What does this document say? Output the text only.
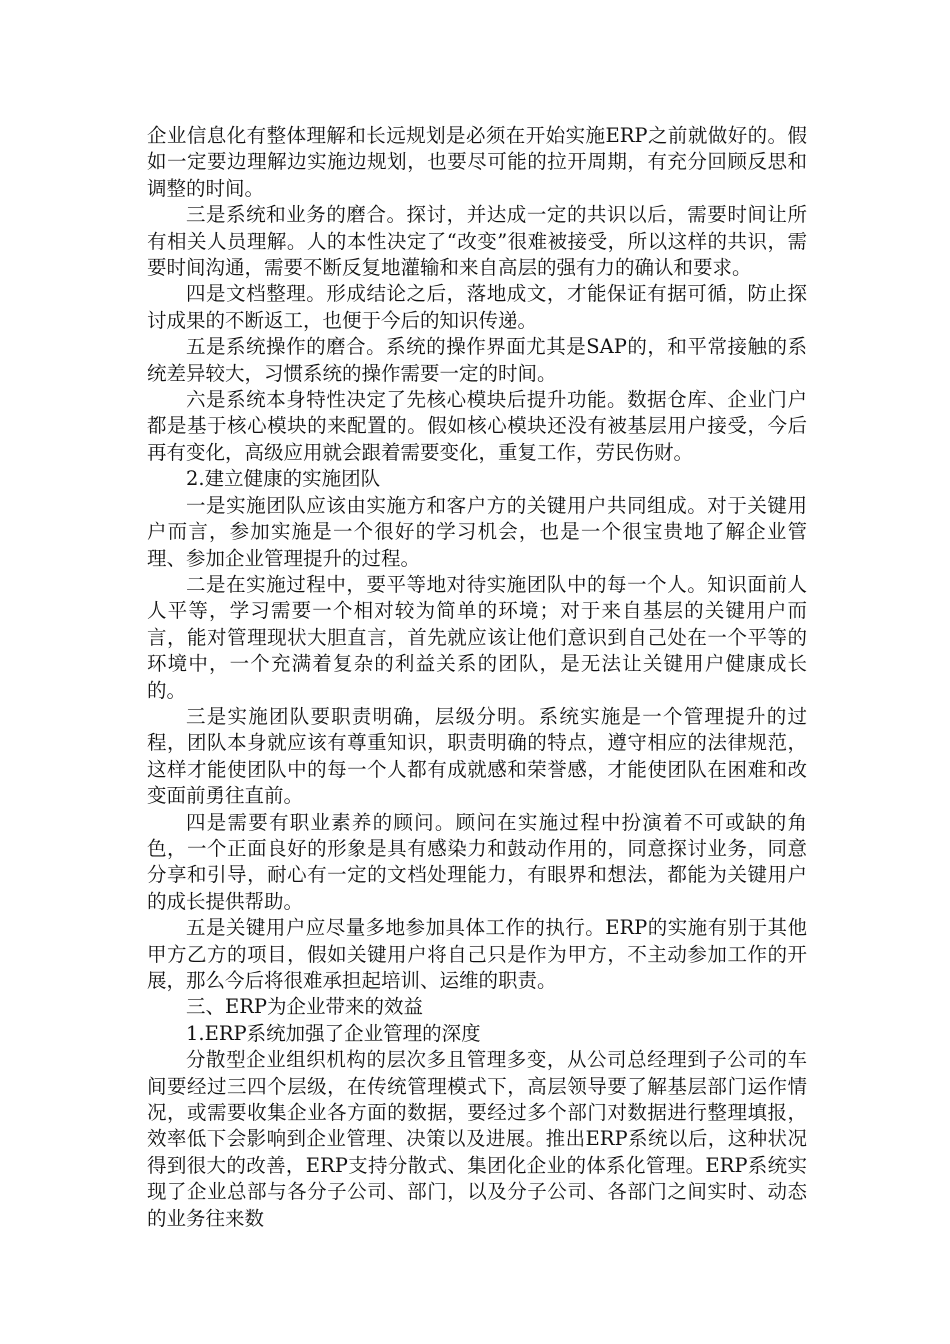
企业信息化有整体理解和长远规划是必须在开始实施ERP之前就做好的。假如一定要边理解边实施边规划，也要尽可能的拉开周期，有充分回顾反思和调整的时间。

三是系统和业务的磨合。探讨，并达成一定的共识以后，需要时间让所有相关人员理解。人的本性决定了“改变”很难被接受，所以这样的共识，需要时间沟通，需要不断反复地灌输和来自高层的强有力的确认和要求。

四是文档整理。形成结论之后，落地成文，才能保证有据可循，防止探讨成果的不断返工，也便于今后的知识传递。

五是系统操作的磨合。系统的操作界面尤其是SAP的，和平常接触的系统差异较大，习惯系统的操作需要一定的时间。

六是系统本身特性决定了先核心模块后提升功能。数据仓库、企业门户都是基于核心模块的来配置的。假如核心模块还没有被基层用户接受，今后再有变化，高级应用就会跟着需要变化，重复工作，劳民伤财。

2.建立健康的实施团队

一是实施团队应该由实施方和客户方的关键用户共同组成。对于关键用户而言，参加实施是一个很好的学习机会，也是一个很宝贵地了解企业管理、参加企业管理提升的过程。

二是在实施过程中，要平等地对待实施团队中的每一个人。知识面前人人平等，学习需要一个相对较为简单的环境；对于来自基层的关键用户而言，能对管理现状大胆直言，首先就应该让他们意识到自己处在一个平等的环境中，一个充满着复杂的利益关系的团队，是无法让关键用户健康成长的。

三是实施团队要职责明确，层级分明。系统实施是一个管理提升的过程，团队本身就应该有尊重知识，职责明确的特点，遵守相应的法律规范，这样才能使团队中的每一个人都有成就感和荣誉感，才能使团队在困难和改变面前勇往直前。

四是需要有职业素养的顾问。顾问在实施过程中扮演着不可或缺的角色，一个正面良好的形象是具有感染力和鼓动作用的，同意探讨业务，同意分享和引导，耐心有一定的文档处理能力，有眼界和想法，都能为关键用户的成长提供帮助。

五是关键用户应尽量多地参加具体工作的执行。ERP的实施有别于其他甲方乙方的项目，假如关键用户将自己只是作为甲方，不主动参加工作的开展，那么今后将很难承担起培训、运维的职责。

三、ERP为企业带来的效益

1.ERP系统加强了企业管理的深度

分散型企业组织机构的层次多且管理多变，从公司总经理到子公司的车间要经过三四个层级，在传统管理模式下，高层领导要了解基层部门运作情况，或需要收集企业各方面的数据，要经过多个部门对数据进行整理填报，效率低下会影响到企业管理、决策以及进展。推出ERP系统以后，这种状况得到很大的改善，ERP支持分散式、集团化企业的体系化管理。ERP系统实现了企业总部与各分子公司、部门，以及分子公司、各部门之间实时、动态的业务往来数
